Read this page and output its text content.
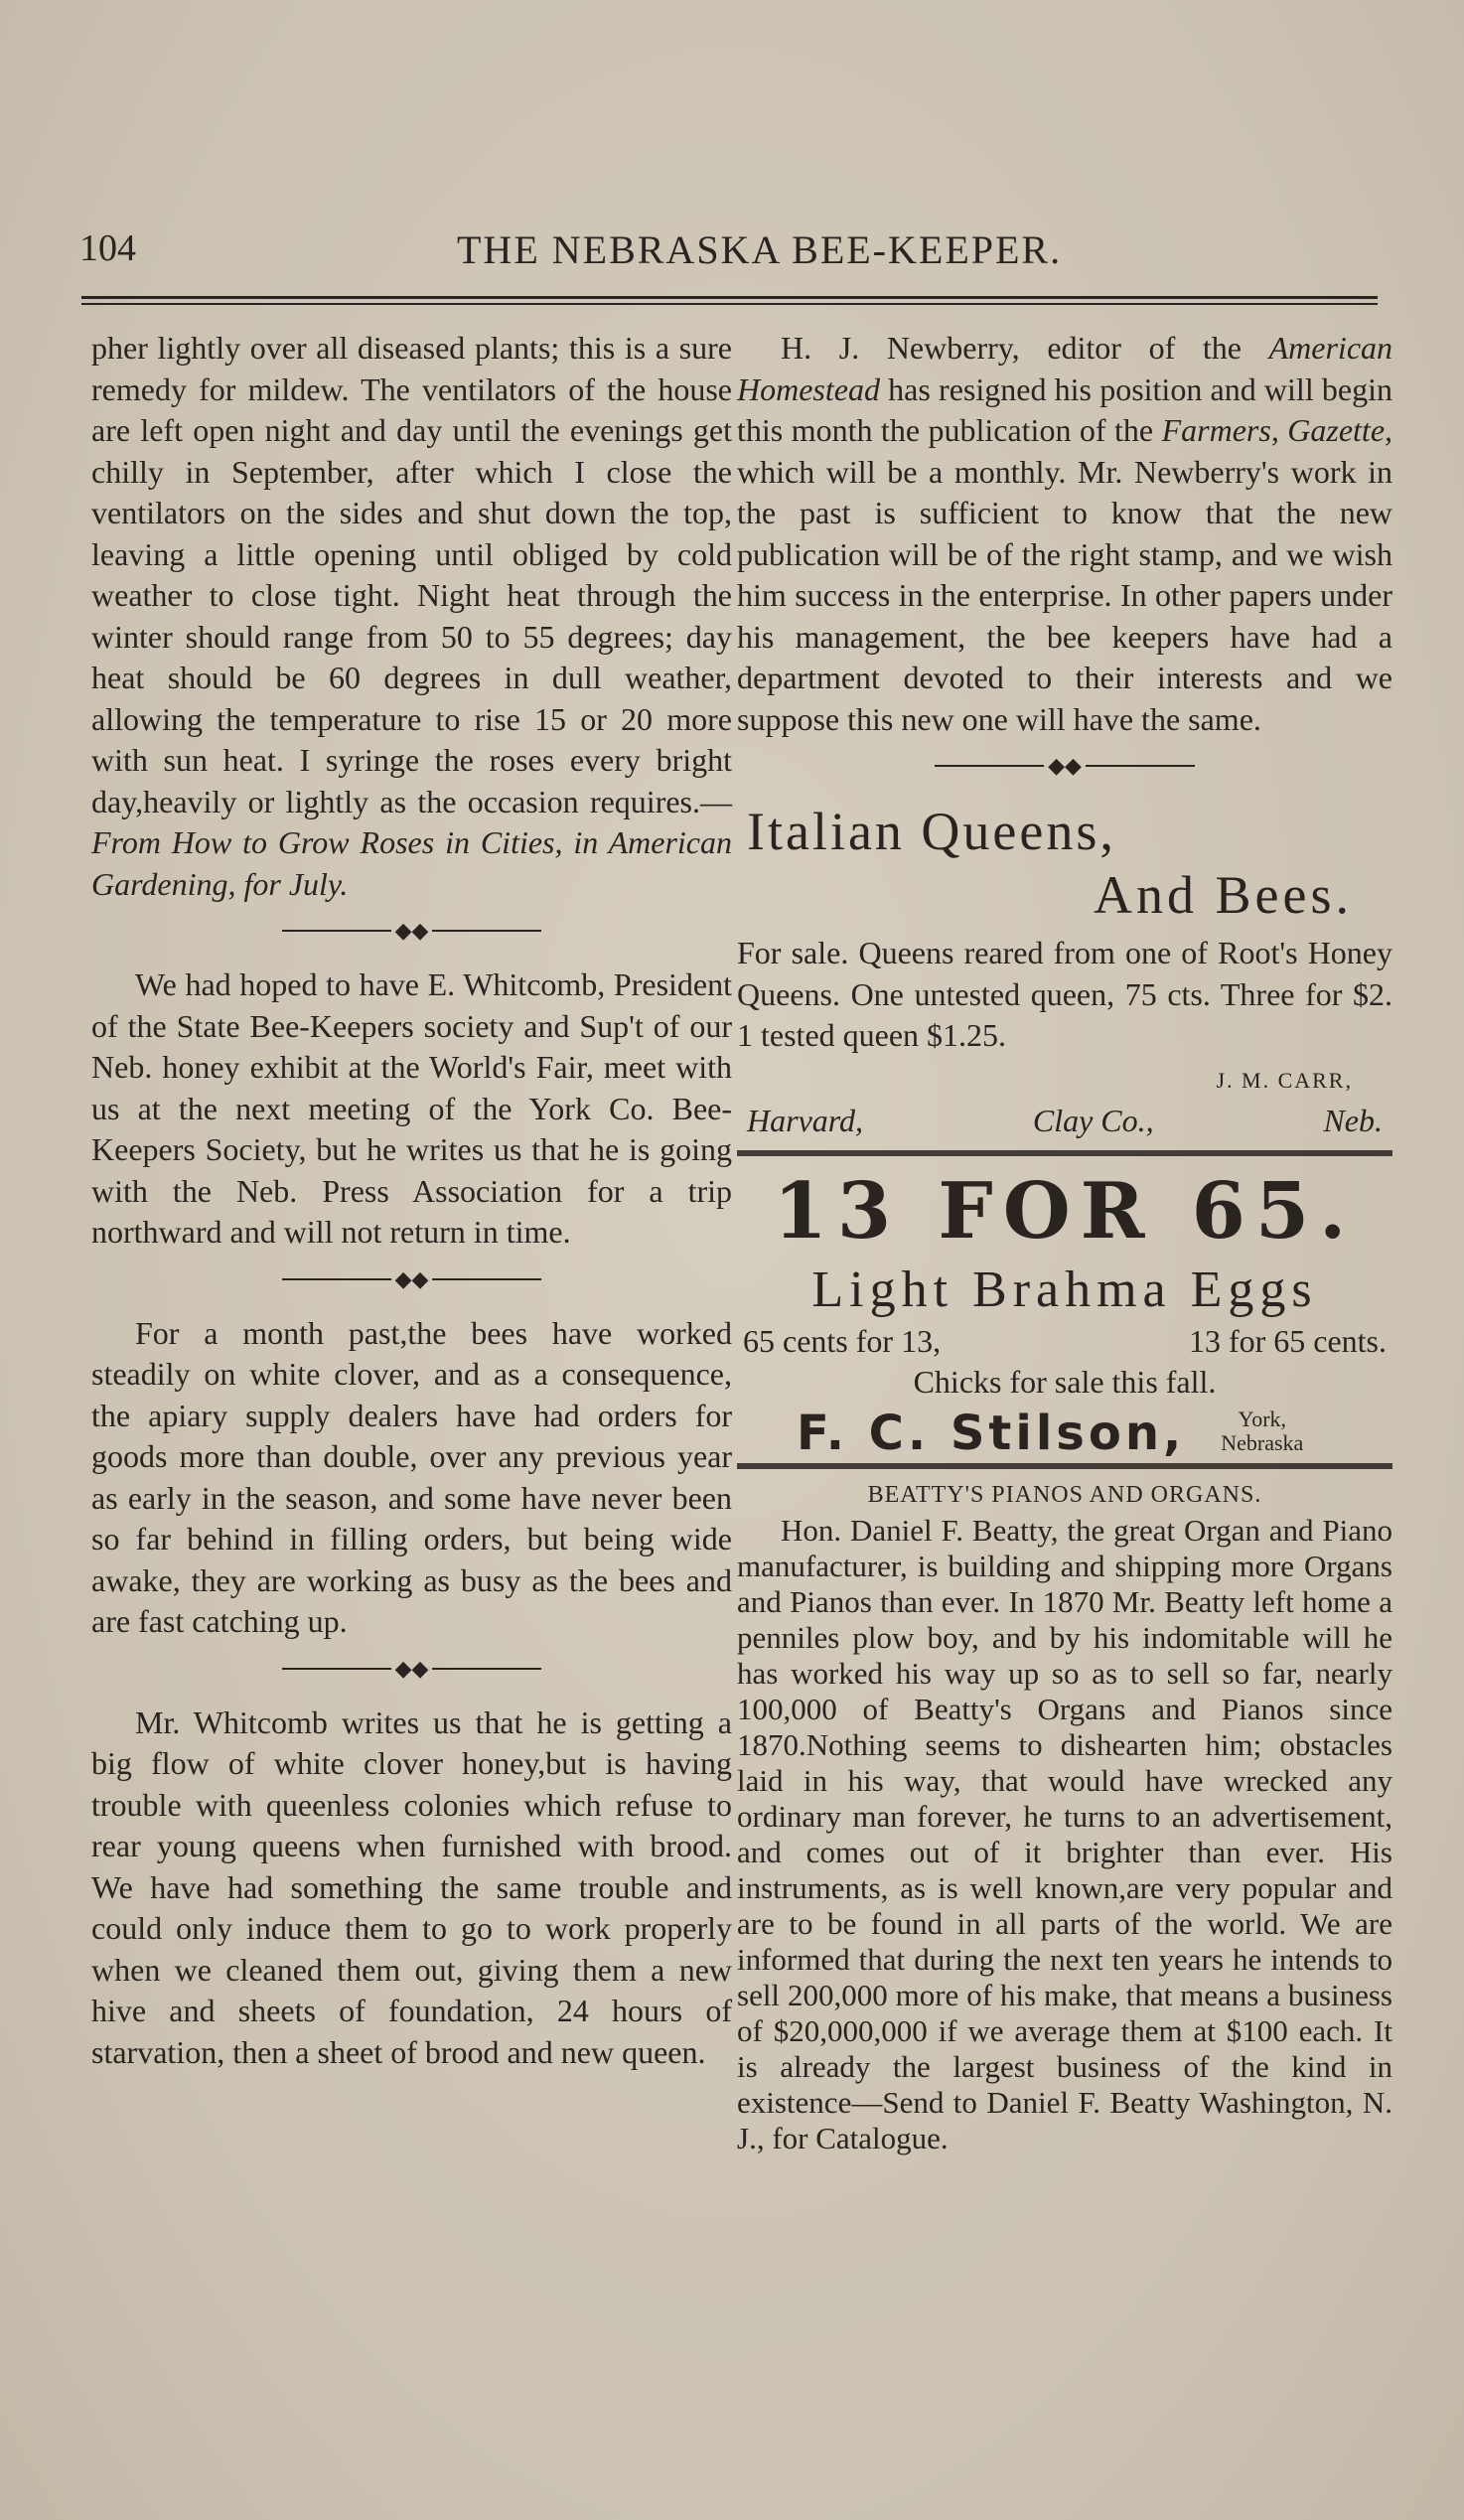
104	THE NEBRASKA BEE-KEEPER.

pher lightly over all diseased plants; this is a sure remedy for mildew. The ventilators of the house are left open night and day until the evenings get chilly in September, after which I close the ventilators on the sides and shut down the top, leaving a little opening until obliged by cold weather to close tight. Night heat through the winter should range from 50 to 55 degrees; day heat should be 60 degrees in dull weather, allowing the temperature to rise 15 or 20 more with sun heat. I syringe the roses every bright day,heavily or lightly as the occasion requires.— From How to Grow Roses in Cities, in American Gardening, for July.

◆◆

We had hoped to have E. Whitcomb, President of the State Bee-Keepers society and Sup't of our Neb. honey exhibit at the World's Fair, meet with us at the next meeting of the York Co. Bee-Keepers Society, but he writes us that he is going with the Neb. Press Association for a trip northward and will not return in time.

◆◆

For a month past,the bees have worked steadily on white clover, and as a consequence, the apiary supply dealers have had orders for goods more than double, over any previous year as early in the season, and some have never been so far behind in filling orders, but being wide awake, they are working as busy as the bees and are fast catching up.

◆◆

Mr. Whitcomb writes us that he is getting a big flow of white clover honey,but is having trouble with queenless colonies which refuse to rear young queens when furnished with brood. We have had something the same trouble and could only induce them to go to work properly when we cleaned them out, giving them a new hive and sheets of foundation, 24 hours of starvation, then a sheet of brood and new queen.

H. J. Newberry, editor of the American Homestead has resigned his position and will begin this month the publication of the Farmers, Gazette, which will be a monthly. Mr. Newberry's work in the past is sufficient to know that the new publication will be of the right stamp, and we wish him success in the enterprise. In other papers under his management, the bee keepers have had a department devoted to their interests and we suppose this new one will have the same.

◆◆
Italian Queens,
And Bees.

For sale. Queens reared from one of Root's Honey Queens. One untested queen, 75 cts. Three for $2. 1 tested queen $1.25.

J. M. CARR,
Harvard,	Clay Co.,	Neb.
13 FOR 65.
Light Brahma Eggs
65 cents for 13,	13 for 65 cents.
Chicks for sale this fall.
F. C. Stilson,	York,
Nebraska
BEATTY'S PIANOS AND ORGANS.

Hon. Daniel F. Beatty, the great Organ and Piano manufacturer, is building and shipping more Organs and Pianos than ever. In 1870 Mr. Beatty left home a penniles plow boy, and by his indomitable will he has worked his way up so as to sell so far, nearly 100,000 of Beatty's Organs and Pianos since 1870.Nothing seems to dishearten him; obstacles laid in his way, that would have wrecked any ordinary man forever, he turns to an advertisement, and comes out of it brighter than ever. His instruments, as is well known,are very popular and are to be found in all parts of the world. We are informed that during the next ten years he intends to sell 200,000 more of his make, that means a business of $20,000,000 if we average them at $100 each. It is already the largest business of the kind in existence—Send to Daniel F. Beatty Washington, N. J., for Catalogue.
